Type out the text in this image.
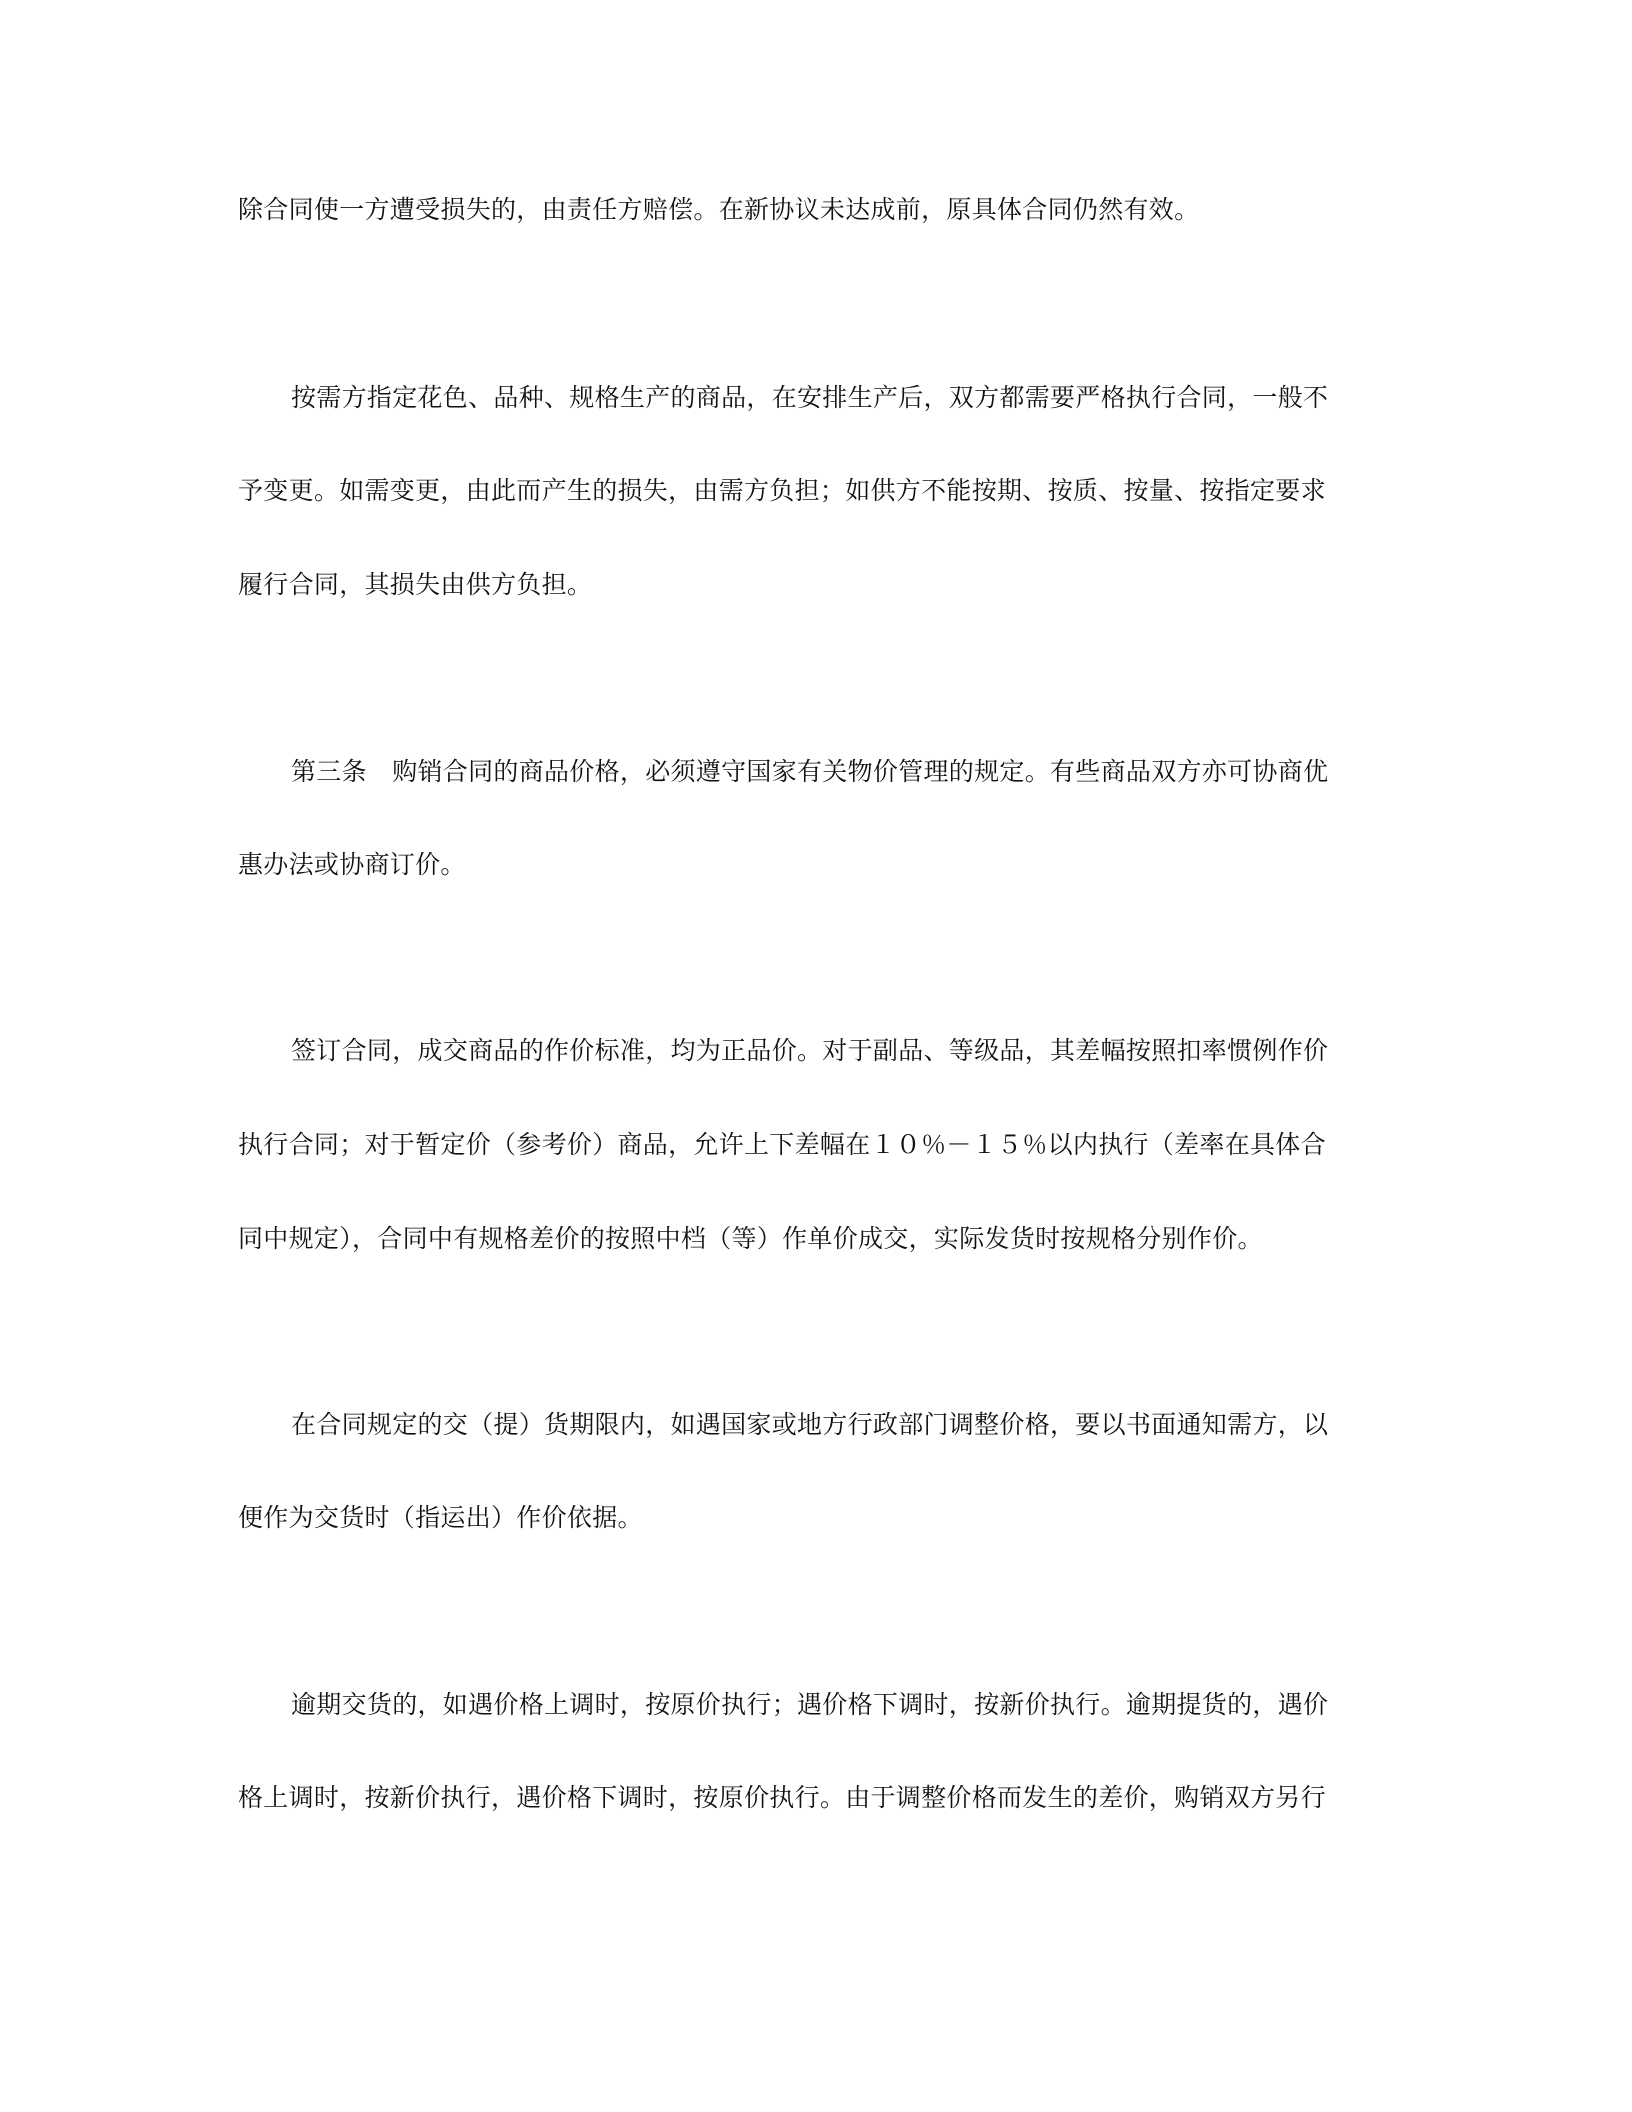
除合同使一方遭受损失的，由责任方赔偿。在新协议未达成前，原具体合同仍然有效。
按需方指定花色、品种、规格生产的商品，在安排生产后，双方都需要严格执行合同，一般不
予变更。如需变更，由此而产生的损失，由需方负担；如供方不能按期、按质、按量、按指定要求
履行合同，其损失由供方负担。
第三条　购销合同的商品价格，必须遵守国家有关物价管理的规定。有些商品双方亦可协商优
惠办法或协商订价。
签订合同，成交商品的作价标准，均为正品价。对于副品、等级品，其差幅按照扣率惯例作价
执行合同；对于暂定价（参考价）商品，允许上下差幅在１０％－１５％以内执行（差率在具体合
同中规定），合同中有规格差价的按照中档（等）作单价成交，实际发货时按规格分别作价。
在合同规定的交（提）货期限内，如遇国家或地方行政部门调整价格，要以书面通知需方，以
便作为交货时（指运出）作价依据。
逾期交货的，如遇价格上调时，按原价执行；遇价格下调时，按新价执行。逾期提货的，遇价
格上调时，按新价执行，遇价格下调时，按原价执行。由于调整价格而发生的差价，购销双方另行
